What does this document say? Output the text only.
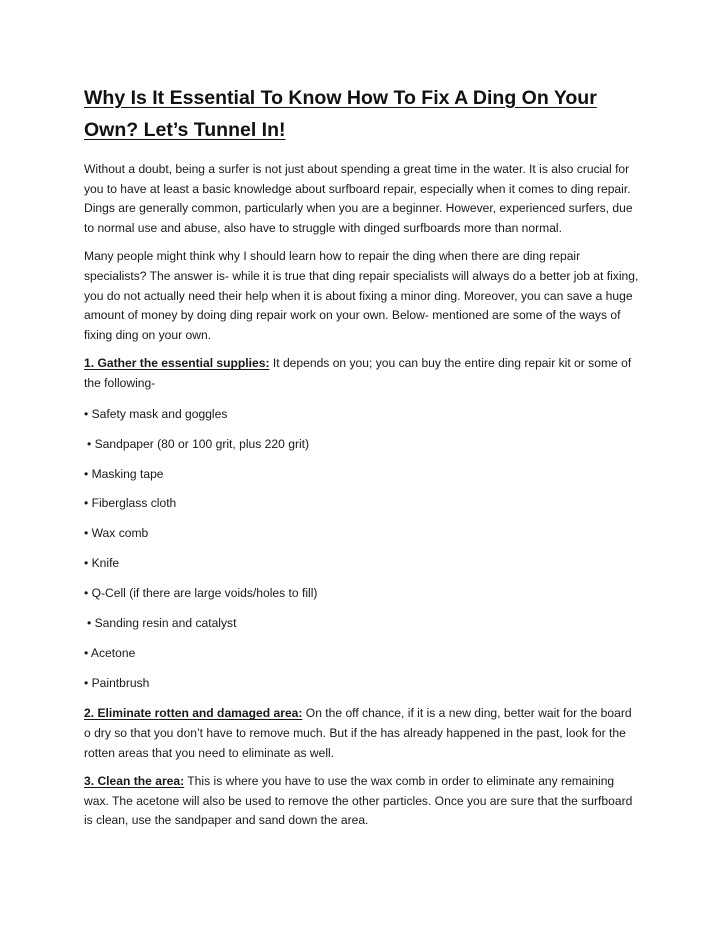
Why Is It Essential To Know How To Fix A Ding On Your Own? Let’s Tunnel In!

Without a doubt, being a surfer is not just about spending a great time in the water. It is also crucial for you to have at least a basic knowledge about surfboard repair, especially when it comes to ding repair. Dings are generally common, particularly when you are a beginner. However, experienced surfers, due to normal use and abuse, also have to struggle with dinged surfboards more than normal.

Many people might think why I should learn how to repair the ding when there are ding repair specialists? The answer is- while it is true that ding repair specialists will always do a better job at fixing, you do not actually need their help when it is about fixing a minor ding. Moreover, you can save a huge amount of money by doing ding repair work on your own. Below- mentioned are some of the ways of fixing ding on your own.

1. Gather the essential supplies: It depends on you; you can buy the entire ding repair kit or some of the following-

• Safety mask and goggles
• Sandpaper (80 or 100 grit, plus 220 grit)
• Masking tape
• Fiberglass cloth
• Wax comb
• Knife
• Q-Cell (if there are large voids/holes to fill)
• Sanding resin and catalyst
• Acetone
• Paintbrush

2. Eliminate rotten and damaged area: On the off chance, if it is a new ding, better wait for the board o dry so that you don’t have to remove much. But if the has already happened in the past, look for the rotten areas that you need to eliminate as well.

3. Clean the area: This is where you have to use the wax comb in order to eliminate any remaining wax. The acetone will also be used to remove the other particles. Once you are sure that the surfboard is clean, use the sandpaper and sand down the area.
